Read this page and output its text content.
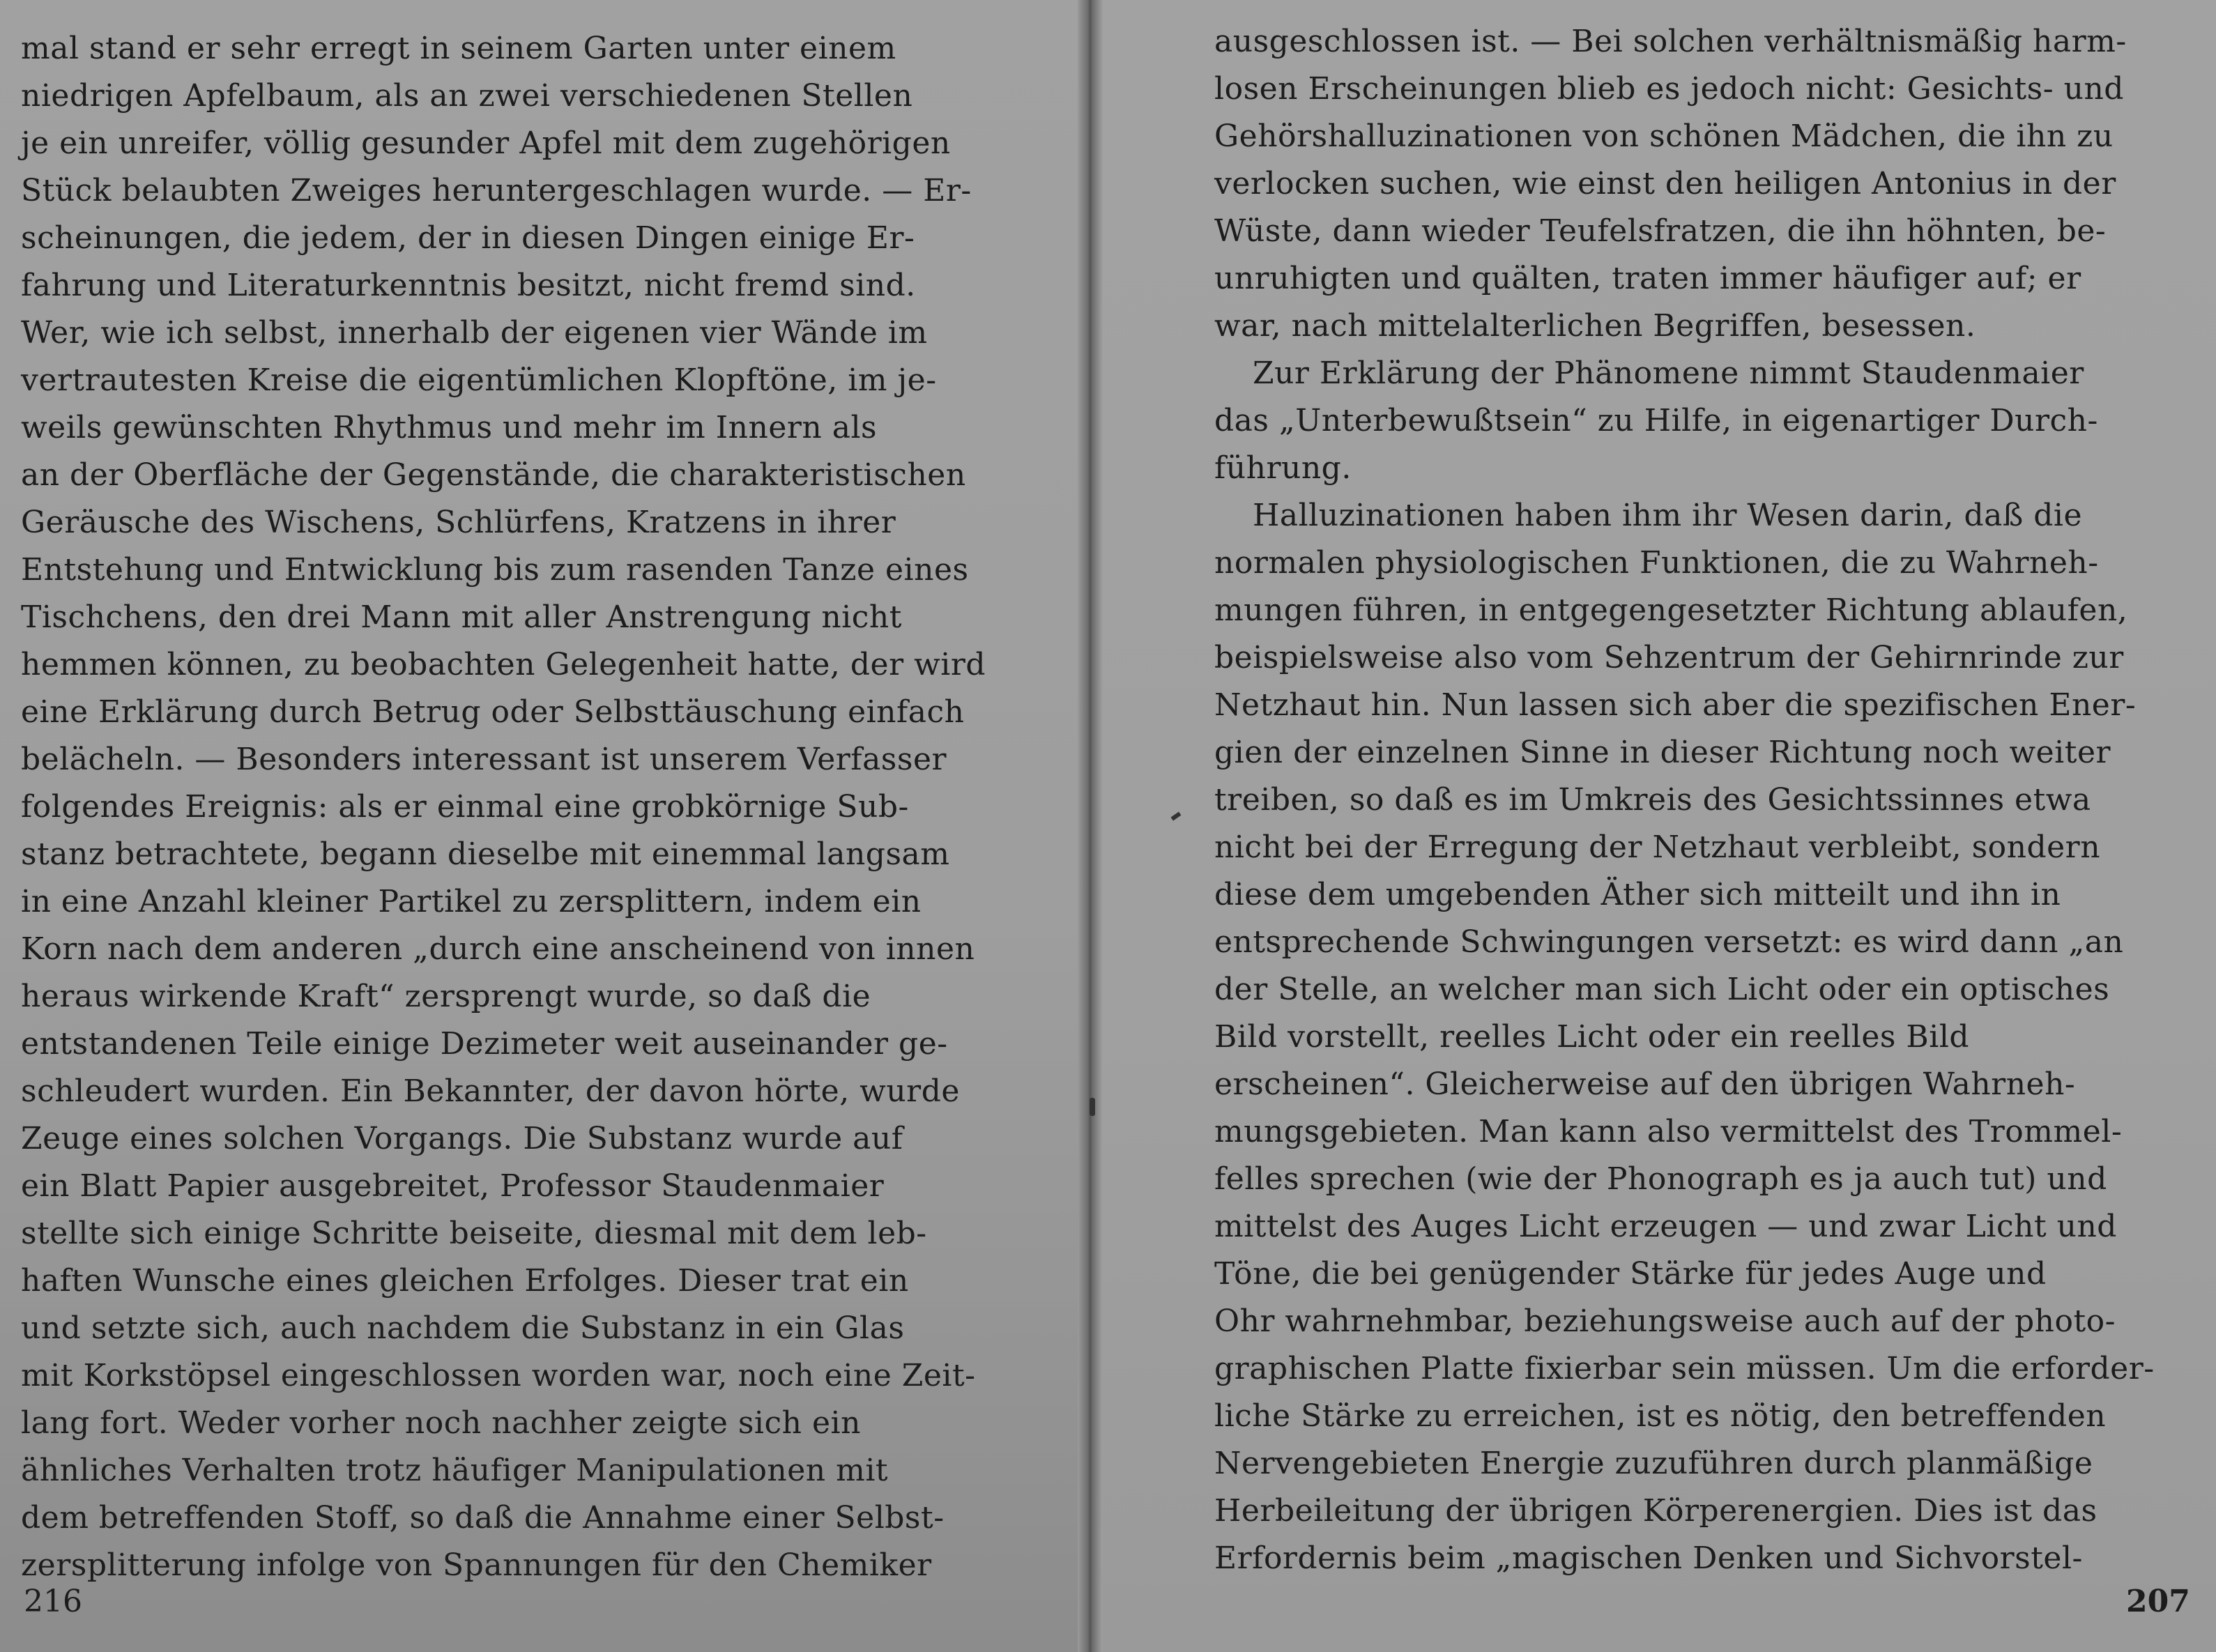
mal stand er sehr erregt in seinem Garten unter einem
niedrigen Apfelbaum, als an zwei verschiedenen Stellen
je ein unreifer, völlig gesunder Apfel mit dem zugehörigen
Stück belaubten Zweiges heruntergeschlagen wurde. — Er-
scheinungen, die jedem, der in diesen Dingen einige Er-
fahrung und Literaturkenntnis besitzt, nicht fremd sind.
Wer, wie ich selbst, innerhalb der eigenen vier Wände im
vertrautesten Kreise die eigentümlichen Klopftöne, im je-
weils gewünschten Rhythmus und mehr im Innern als
an der Oberfläche der Gegenstände, die charakteristischen
Geräusche des Wischens, Schlürfens, Kratzens in ihrer
Entstehung und Entwicklung bis zum rasenden Tanze eines
Tischchens, den drei Mann mit aller Anstrengung nicht
hemmen können, zu beobachten Gelegenheit hatte, der wird
eine Erklärung durch Betrug oder Selbsttäuschung einfach
belächeln. — Besonders interessant ist unserem Verfasser
folgendes Ereignis: als er einmal eine grobkörnige Sub-
stanz betrachtete, begann dieselbe mit einemmal langsam
in eine Anzahl kleiner Partikel zu zersplittern, indem ein
Korn nach dem anderen „durch eine anscheinend von innen
heraus wirkende Kraft“ zersprengt wurde, so daß die
entstandenen Teile einige Dezimeter weit auseinander ge-
schleudert wurden. Ein Bekannter, der davon hörte, wurde
Zeuge eines solchen Vorgangs. Die Substanz wurde auf
ein Blatt Papier ausgebreitet, Professor Staudenmaier
stellte sich einige Schritte beiseite, diesmal mit dem leb-
haften Wunsche eines gleichen Erfolges. Dieser trat ein
und setzte sich, auch nachdem die Substanz in ein Glas
mit Korkstöpsel eingeschlossen worden war, noch eine Zeit-
lang fort. Weder vorher noch nachher zeigte sich ein
ähnliches Verhalten trotz häufiger Manipulationen mit
dem betreffenden Stoff, so daß die Annahme einer Selbst-
zersplitterung infolge von Spannungen für den Chemiker
216	207
ausgeschlossen ist. — Bei solchen verhältnismäßig harm-
losen Erscheinungen blieb es jedoch nicht: Gesichts- und
Gehörshalluzinationen von schönen Mädchen, die ihn zu
verlocken suchen, wie einst den heiligen Antonius in der
Wüste, dann wieder Teufelsfratzen, die ihn höhnten, be-
unruhigten und quälten, traten immer häufiger auf; er
war, nach mittelalterlichen Begriffen, besessen.
Zur Erklärung der Phänomene nimmt Staudenmaier
das „Unterbewußtsein“ zu Hilfe, in eigenartiger Durch-
führung.
Halluzinationen haben ihm ihr Wesen darin, daß die
normalen physiologischen Funktionen, die zu Wahrneh-
mungen führen, in entgegengesetzter Richtung ablaufen,
beispielsweise also vom Sehzentrum der Gehirnrinde zur
Netzhaut hin. Nun lassen sich aber die spezifischen Ener-
gien der einzelnen Sinne in dieser Richtung noch weiter
treiben, so daß es im Umkreis des Gesichtssinnes etwa
nicht bei der Erregung der Netzhaut verbleibt, sondern
diese dem umgebenden Äther sich mitteilt und ihn in
entsprechende Schwingungen versetzt: es wird dann „an
der Stelle, an welcher man sich Licht oder ein optisches
Bild vorstellt, reelles Licht oder ein reelles Bild
erscheinen“. Gleicherweise auf den übrigen Wahrneh-
mungsgebieten. Man kann also vermittelst des Trommel-
felles sprechen (wie der Phonograph es ja auch tut) und
mittelst des Auges Licht erzeugen — und zwar Licht und
Töne, die bei genügender Stärke für jedes Auge und
Ohr wahrnehmbar, beziehungsweise auch auf der photo-
graphischen Platte fixierbar sein müssen. Um die erforder-
liche Stärke zu erreichen, ist es nötig, den betreffenden
Nervengebieten Energie zuzuführen durch planmäßige
Herbeileitung der übrigen Körperenergien. Dies ist das
Erfordernis beim „magischen Denken und Sichvorstel-
